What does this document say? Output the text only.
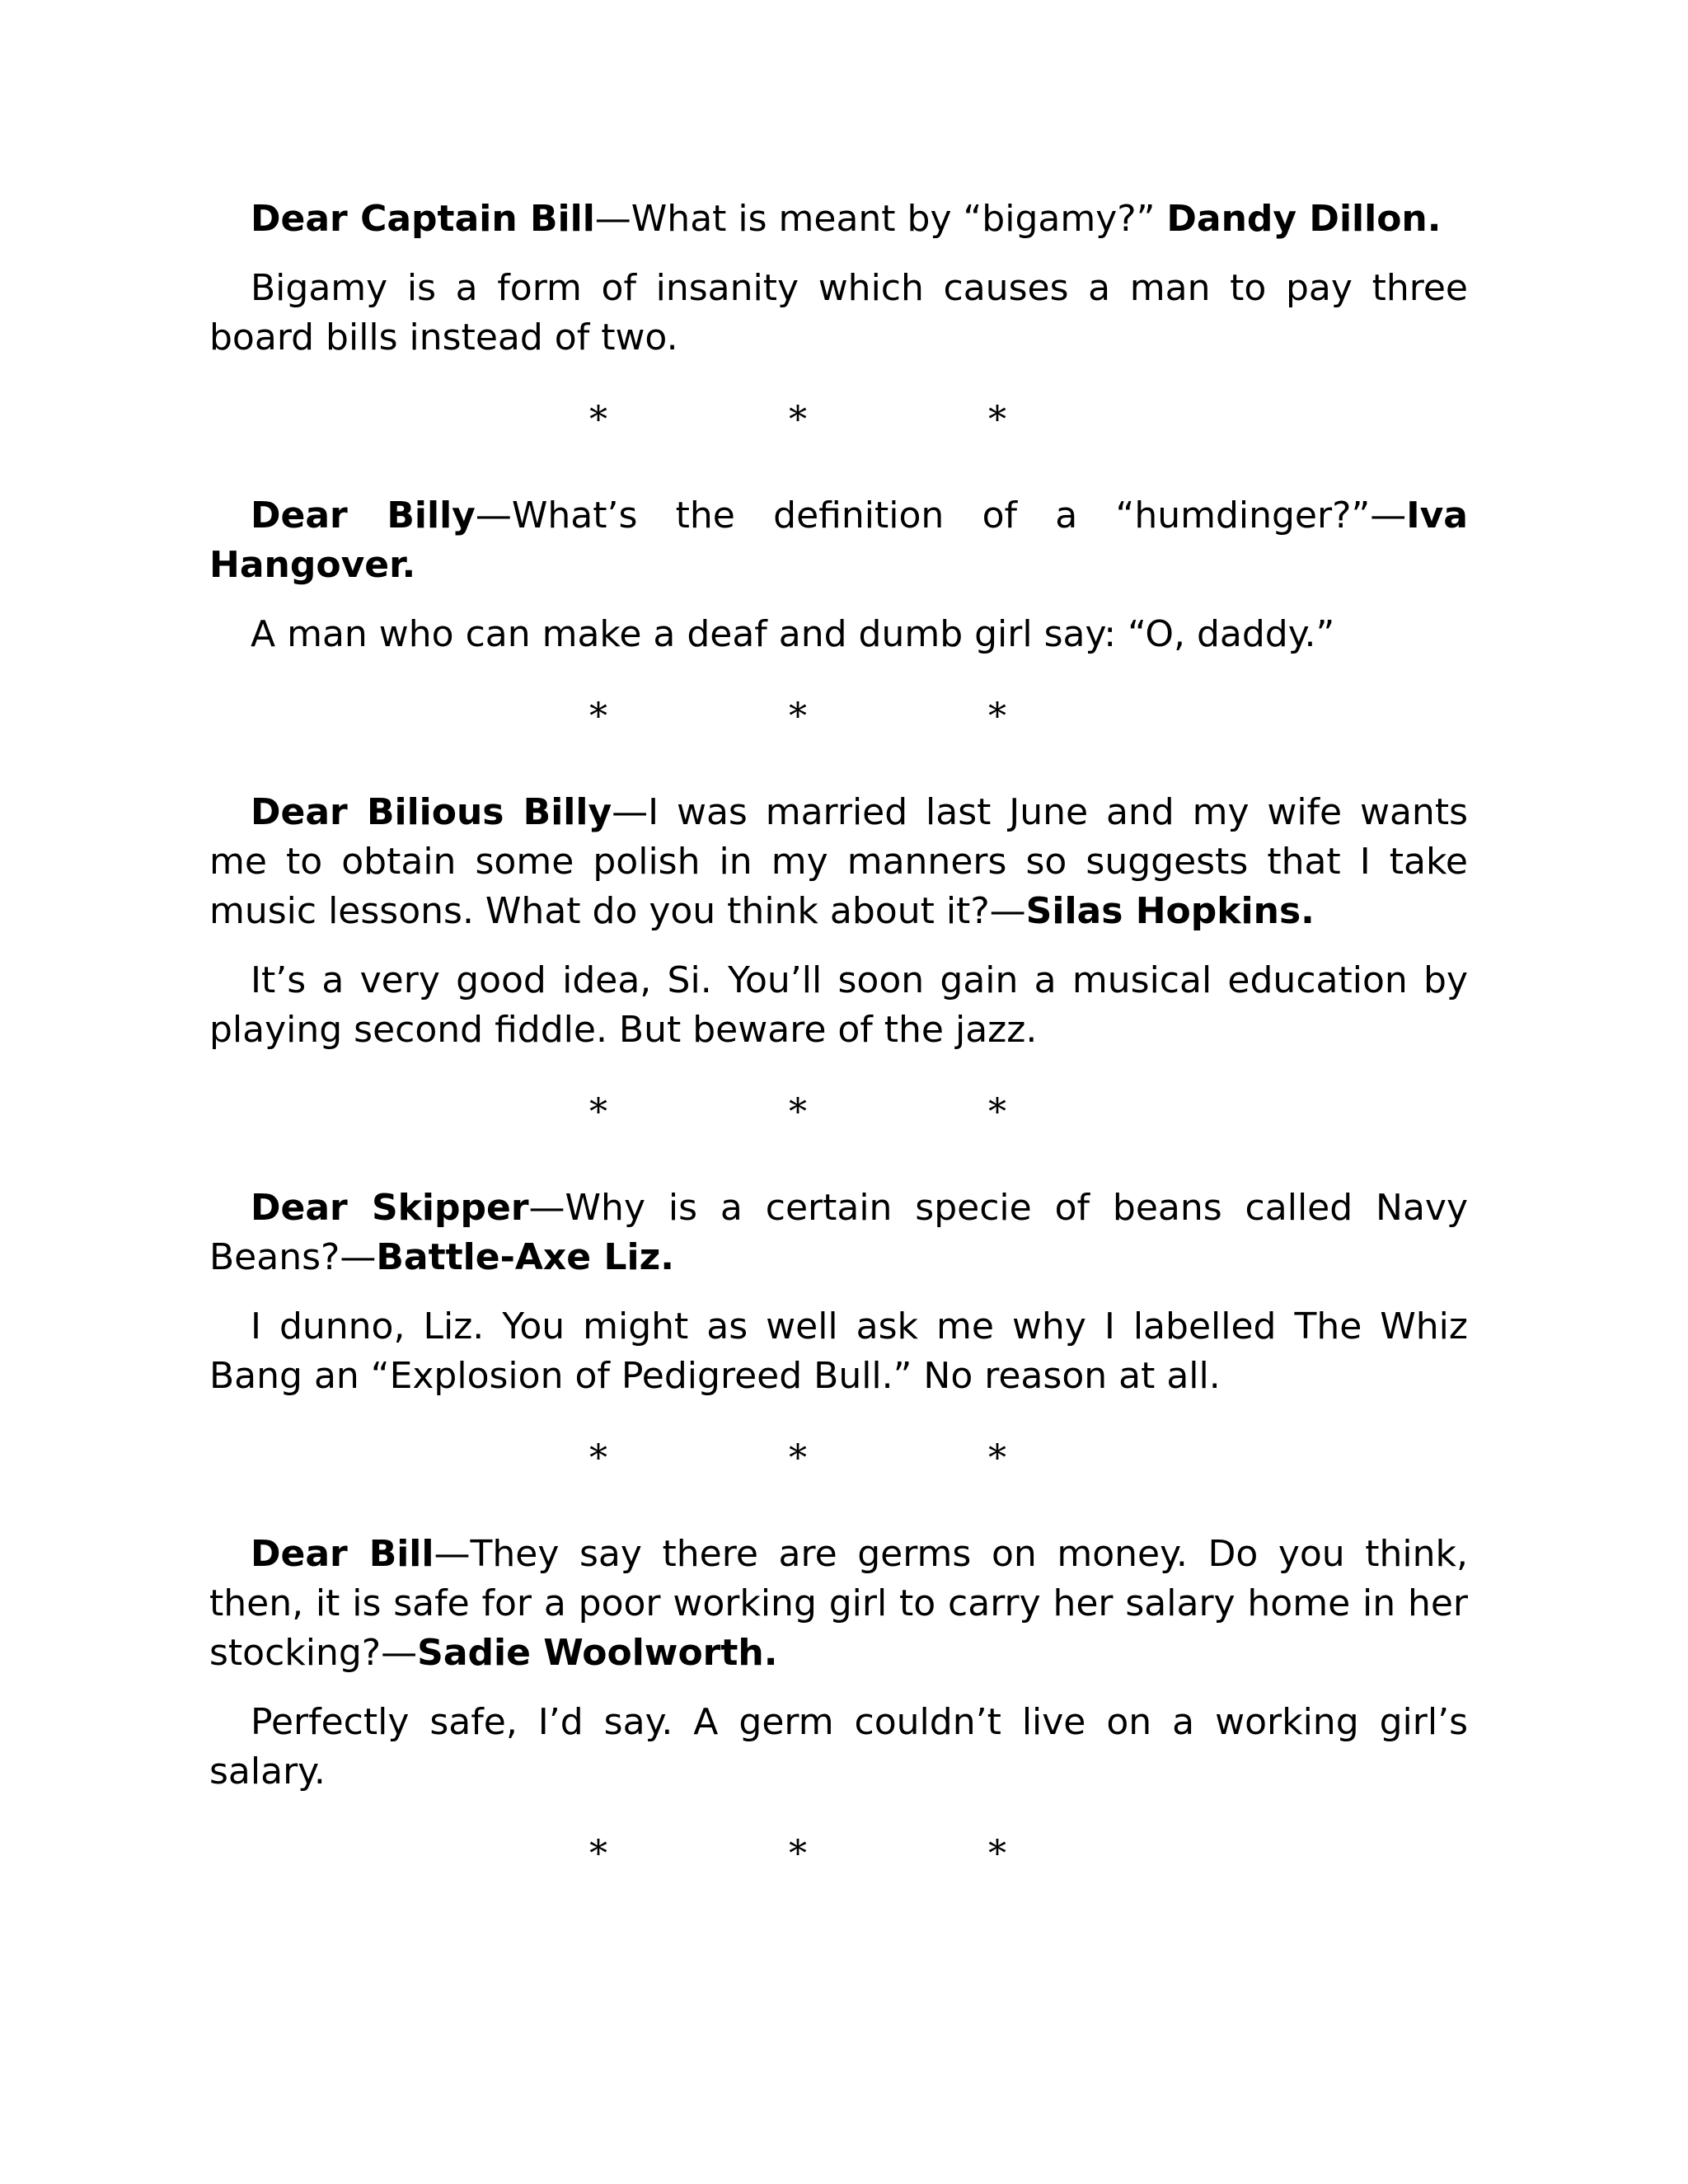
Dear Captain Bill—What is meant by “bigamy?” Dandy Dillon.

Bigamy is a form of insanity which causes a man to pay three board bills instead of two.

*	*	*

Dear Billy—What’s the definition of a “humdinger?”—Iva Hangover.

A man who can make a deaf and dumb girl say: “O, daddy.”

*	*	*

Dear Bilious Billy—I was married last June and my wife wants me to obtain some polish in my manners so suggests that I take music lessons. What do you think about it?—Silas Hopkins.

It’s a very good idea, Si. You’ll soon gain a musical education by playing second fiddle. But beware of the jazz.

*	*	*

Dear Skipper—Why is a certain specie of beans called Navy Beans?—Battle-Axe Liz.

I dunno, Liz. You might as well ask me why I labelled The Whiz Bang an “Explosion of Pedigreed Bull.” No reason at all.

*	*	*

Dear Bill—They say there are germs on money. Do you think, then, it is safe for a poor working girl to carry her salary home in her stocking?—Sadie Woolworth.

Perfectly safe, I’d say. A germ couldn’t live on a working girl’s salary.

*	*	*
